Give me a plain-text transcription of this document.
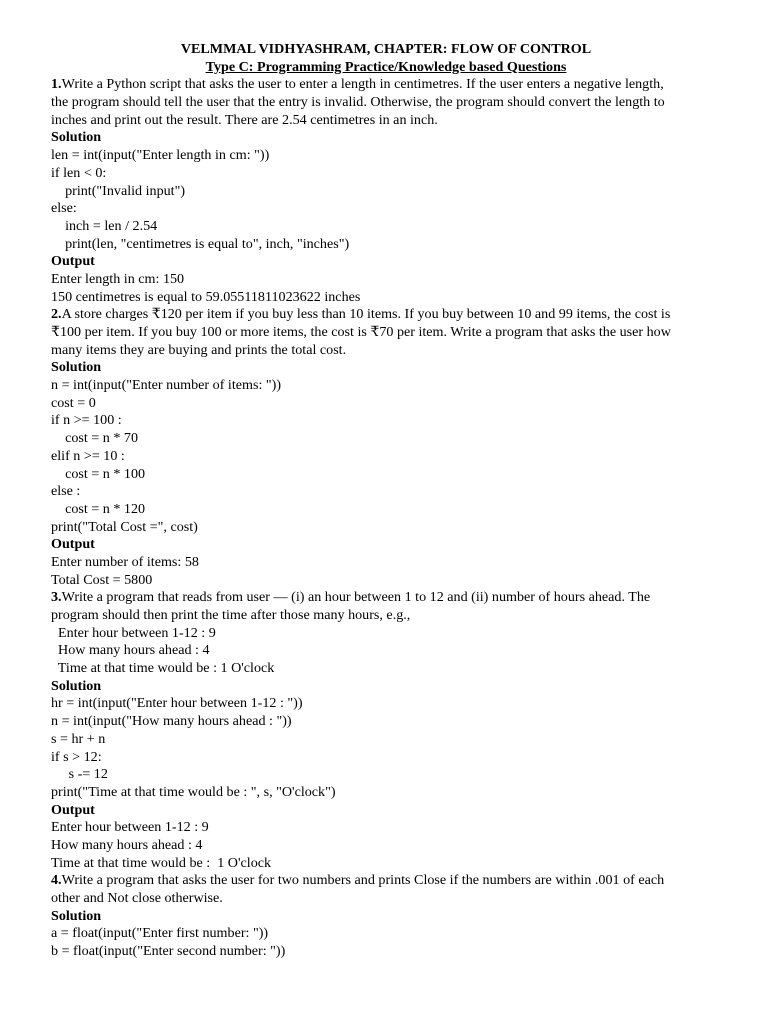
VELMMAL VIDHYASHRAM, CHAPTER: FLOW OF CONTROL
Type C: Programming Practice/Knowledge based Questions
1.Write a Python script that asks the user to enter a length in centimetres. If the user enters a negative length,
the program should tell the user that the entry is invalid. Otherwise, the program should convert the length to
inches and print out the result. There are 2.54 centimetres in an inch.
Solution
len = int(input("Enter length in cm: "))
if len < 0:
print("Invalid input")
else:
inch = len / 2.54
print(len, "centimetres is equal to", inch, "inches")
Output
Enter length in cm: 150
150 centimetres is equal to 59.05511811023622 inches
2.A store charges ₹120 per item if you buy less than 10 items. If you buy between 10 and 99 items, the cost is
₹100 per item. If you buy 100 or more items, the cost is ₹70 per item. Write a program that asks the user how
many items they are buying and prints the total cost.
Solution
n = int(input("Enter number of items: "))
cost = 0
if n >= 100 :
cost = n * 70
elif n >= 10 :
cost = n * 100
else :
cost = n * 120
print("Total Cost =", cost)
Output
Enter number of items: 58
Total Cost = 5800
3.Write a program that reads from user — (i) an hour between 1 to 12 and (ii) number of hours ahead. The
program should then print the time after those many hours, e.g.,
Enter hour between 1-12 : 9
How many hours ahead : 4
Time at that time would be : 1 O'clock
Solution
hr = int(input("Enter hour between 1-12 : "))
n = int(input("How many hours ahead : "))
s = hr + n
if s > 12:
s -= 12
print("Time at that time would be : ", s, "O'clock")
Output
Enter hour between 1-12 : 9
How many hours ahead : 4
Time at that time would be :  1 O'clock
4.Write a program that asks the user for two numbers and prints Close if the numbers are within .001 of each
other and Not close otherwise.
Solution
a = float(input("Enter first number: "))
b = float(input("Enter second number: "))
